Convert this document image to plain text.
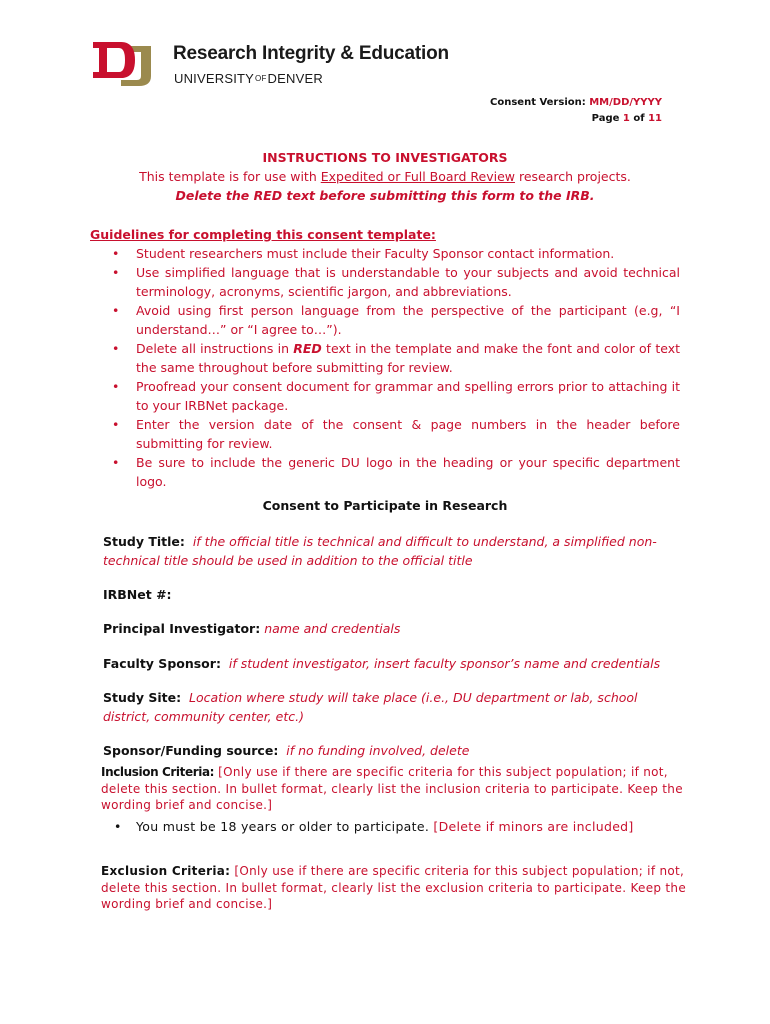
Research Integrity & Education
UNIVERSITYOFDENVER
Consent Version: MM/DD/YYYY
Page 1 of 11
INSTRUCTIONS TO INVESTIGATORS
This template is for use with Expedited or Full Board Review research projects.
Delete the RED text before submitting this form to the IRB.
Guidelines for completing this consent template:
• Student researchers must include their Faculty Sponsor contact information.
• Use simplified language that is understandable to your subjects and avoid technical terminology, acronyms, scientific jargon, and abbreviations.
• Avoid using first person language from the perspective of the participant (e.g, “I understand…” or “I agree to…”).
• Delete all instructions in RED text in the template and make the font and color of text the same throughout before submitting for review.
• Proofread your consent document for grammar and spelling errors prior to attaching it to your IRBNet package.
• Enter the version date of the consent & page numbers in the header before submitting for review.
• Be sure to include the generic DU logo in the heading or your specific department logo.
Consent to Participate in Research
Study Title: if the official title is technical and difficult to understand, a simplified non-technical title should be used in addition to the official title
IRBNet #:
Principal Investigator: name and credentials
Faculty Sponsor: if student investigator, insert faculty sponsor’s name and credentials
Study Site: Location where study will take place (i.e., DU department or lab, school district, community center, etc.)
Sponsor/Funding source: if no funding involved, delete
Inclusion Criteria: [Only use if there are specific criteria for this subject population; if not, delete this section. In bullet format, clearly list the inclusion criteria to participate. Keep the wording brief and concise.]
• You must be 18 years or older to participate. [Delete if minors are included]
Exclusion Criteria: [Only use if there are specific criteria for this subject population; if not, delete this section. In bullet format, clearly list the exclusion criteria to participate. Keep the wording brief and concise.]
